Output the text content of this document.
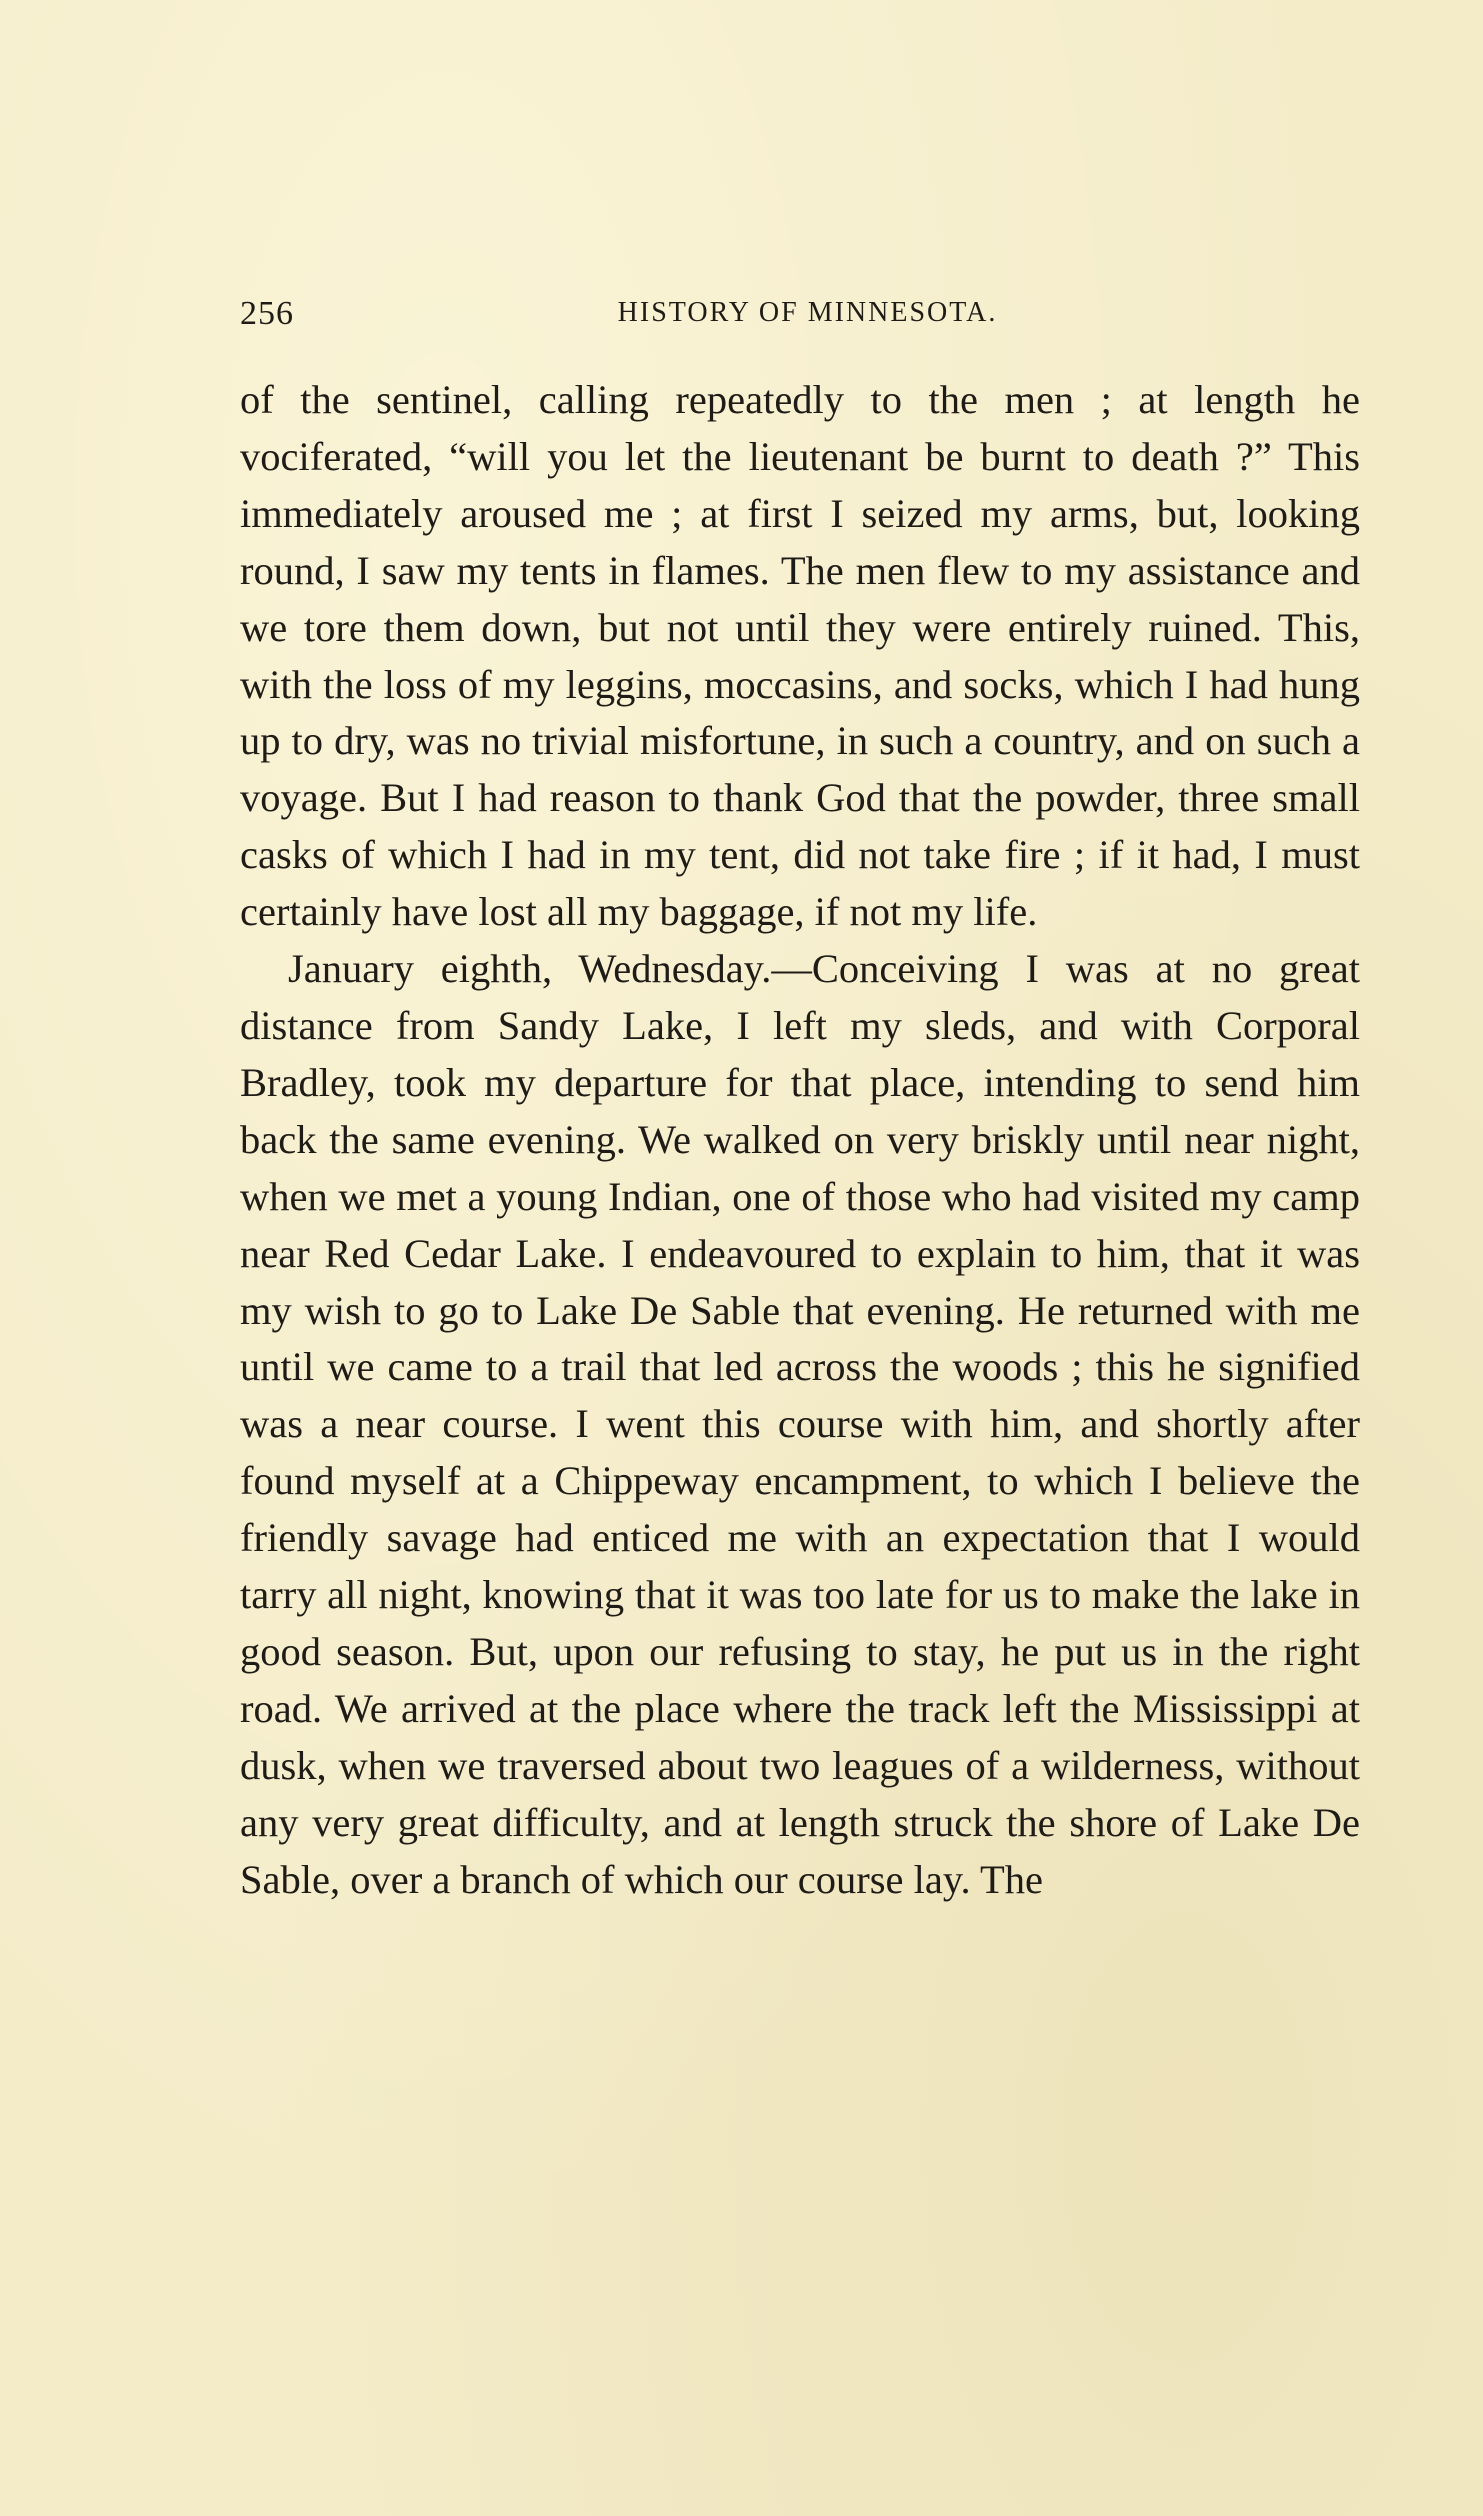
256	HISTORY OF MINNESOTA.

of the sentinel, calling repeatedly to the men ; at length he vociferated, “will you let the lieutenant be burnt to death ?” This immediately aroused me ; at first I seized my arms, but, looking round, I saw my tents in flames. The men flew to my assistance and we tore them down, but not until they were entirely ruined. This, with the loss of my leggins, moccasins, and socks, which I had hung up to dry, was no trivial misfortune, in such a country, and on such a voyage. But I had reason to thank God that the powder, three small casks of which I had in my tent, did not take fire ; if it had, I must certainly have lost all my baggage, if not my life.

January eighth, Wednesday.—Conceiving I was at no great distance from Sandy Lake, I left my sleds, and with Corporal Bradley, took my departure for that place, intending to send him back the same evening. We walked on very briskly until near night, when we met a young Indian, one of those who had visited my camp near Red Cedar Lake. I endeavoured to explain to him, that it was my wish to go to Lake De Sable that evening. He returned with me until we came to a trail that led across the woods ; this he signified was a near course. I went this course with him, and shortly after found myself at a Chippeway encampment, to which I believe the friendly savage had enticed me with an expectation that I would tarry all night, knowing that it was too late for us to make the lake in good season. But, upon our refusing to stay, he put us in the right road. We arrived at the place where the track left the Mississippi at dusk, when we traversed about two leagues of a wilderness, without any very great difficulty, and at length struck the shore of Lake De Sable, over a branch of which our course lay. The
